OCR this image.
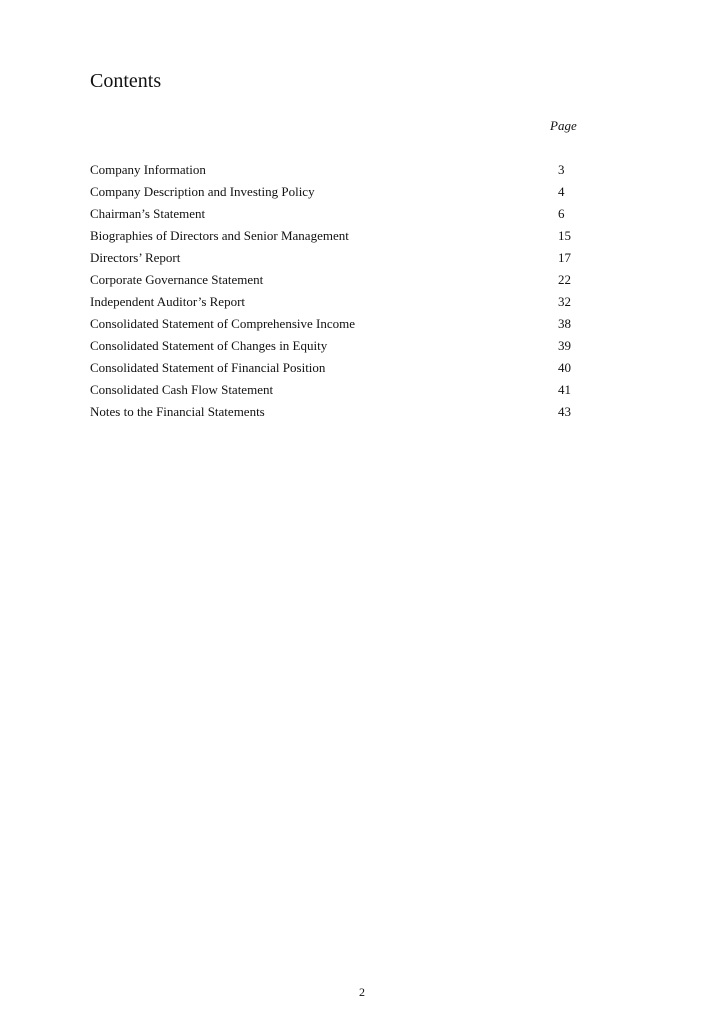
Contents
Page
Company Information	3
Company Description and Investing Policy	4
Chairman’s Statement	6
Biographies of Directors and Senior Management	15
Directors’ Report	17
Corporate Governance Statement	22
Independent Auditor’s Report	32
Consolidated Statement of Comprehensive Income	38
Consolidated Statement of Changes in Equity	39
Consolidated Statement of Financial Position	40
Consolidated Cash Flow Statement	41
Notes to the Financial Statements	43
2
